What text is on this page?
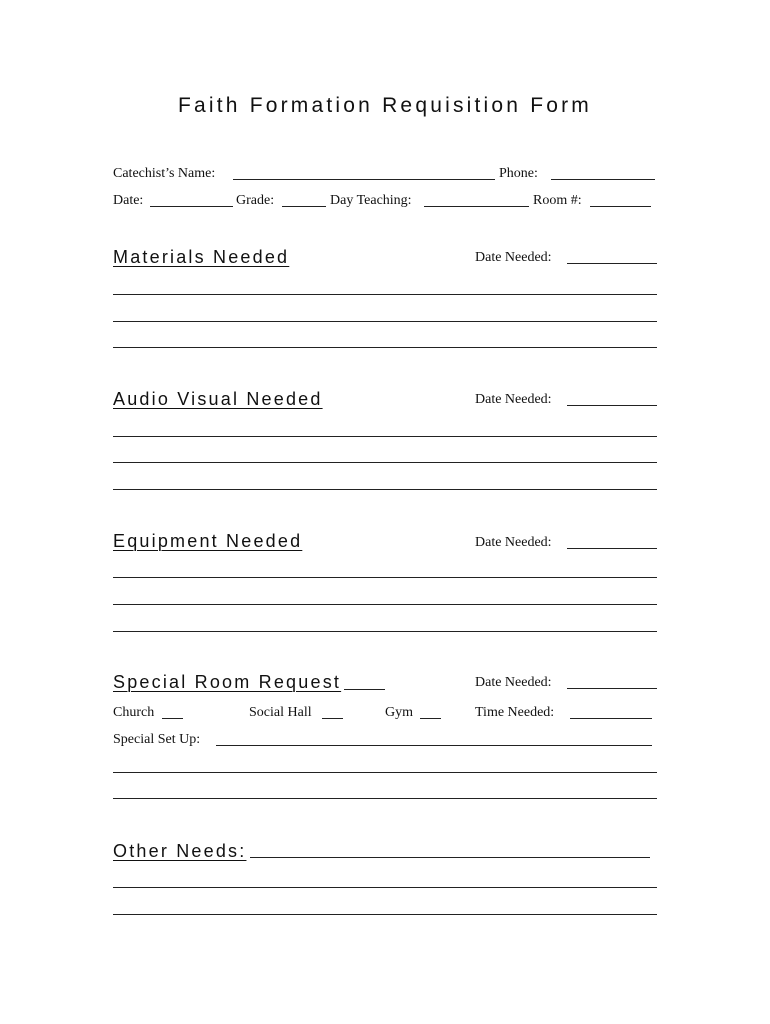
Faith Formation Requisition Form
Catechist’s Name:	Phone:
Date:	Grade:	Day Teaching:	Room #:
Materials Needed	Date Needed:
Audio Visual Needed	Date Needed:
Equipment Needed	Date Needed:
Special Room Request	Date Needed:
Church	Social Hall	Gym	Time Needed:
Special Set Up:
Other Needs:
